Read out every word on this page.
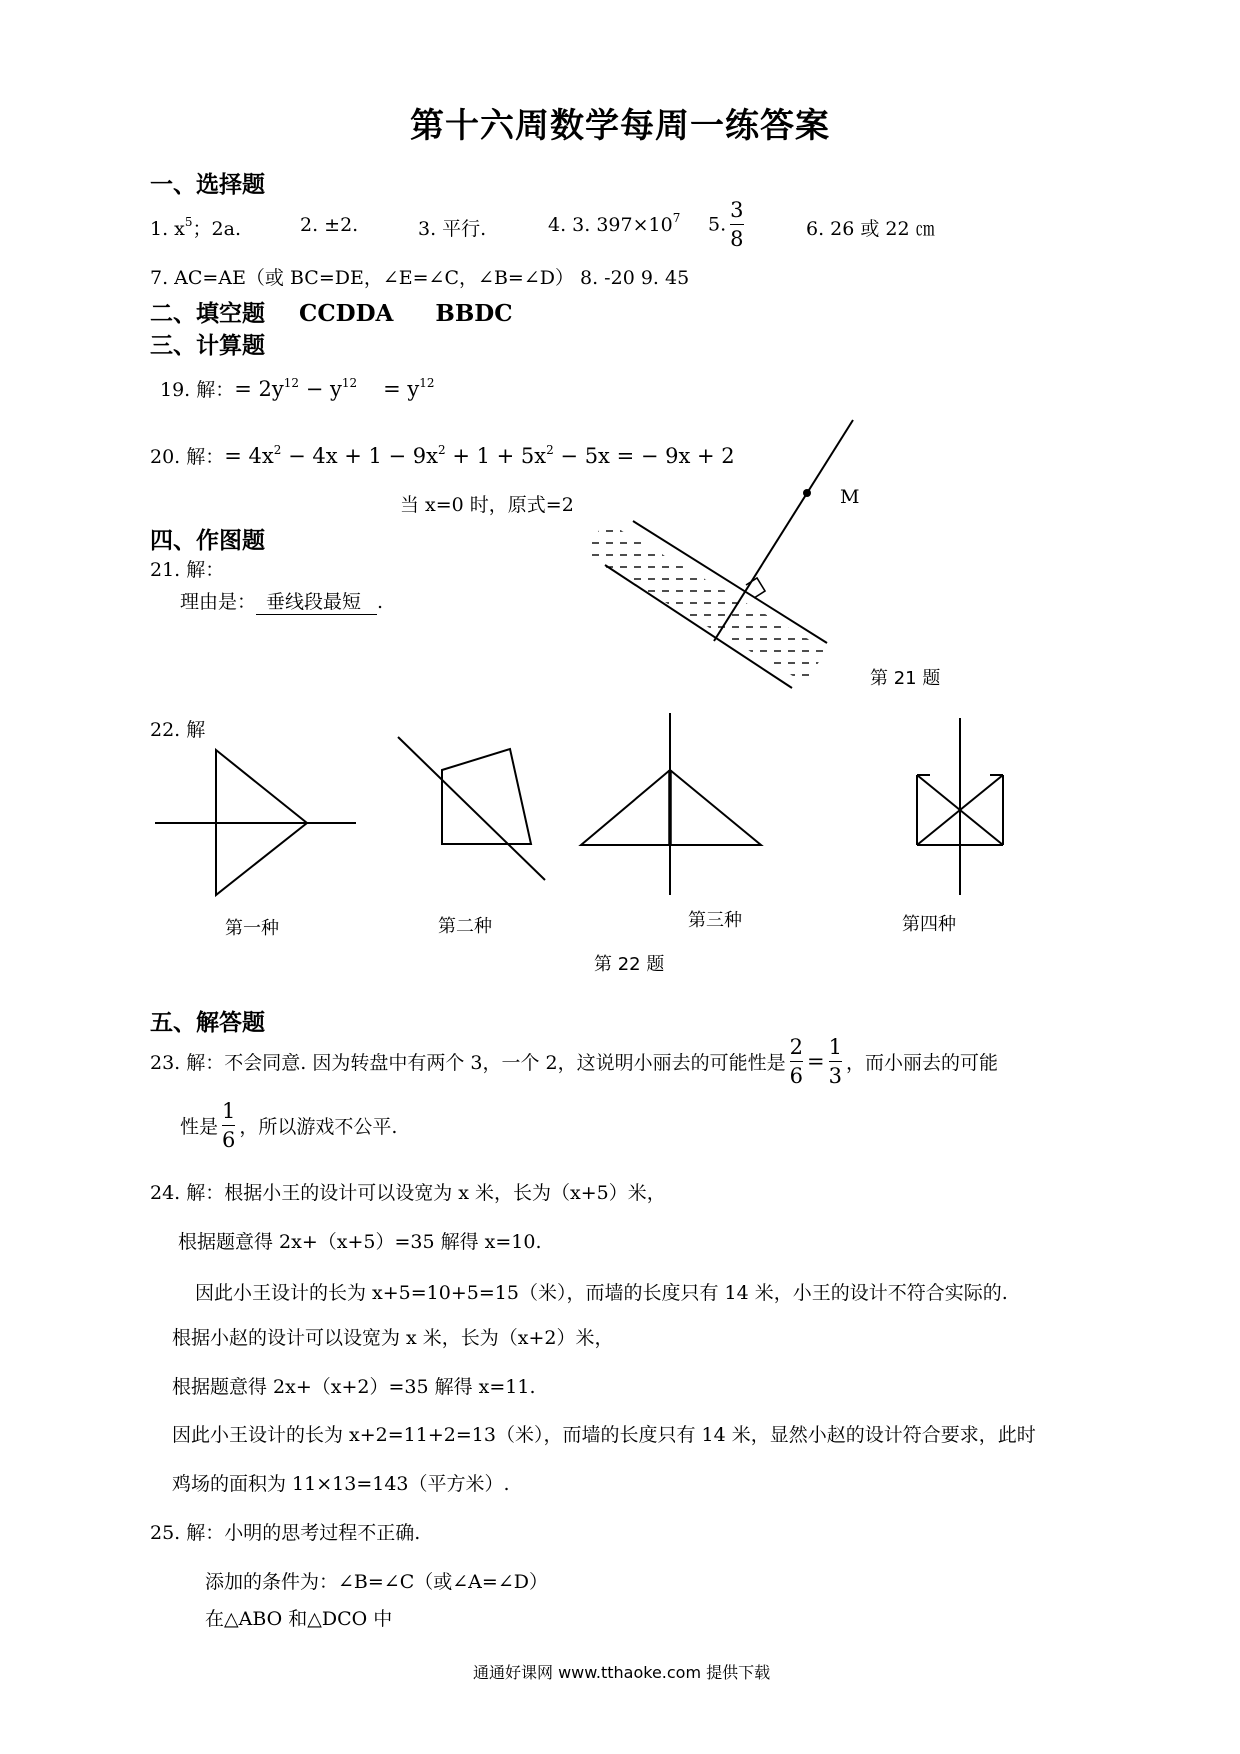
第十六周数学每周一练答案
一、选择题
1. $x^5$；2a.	2. ±2.	3. 平行.	4. 3. $397\times 10^7$ 5. $\frac{3}{8}$	6. 26 或 22 ㎝
7. AC=AE（或 BC=DE，∠E=∠C，∠B=∠D） 8. -20 9. 45
二、填空题 CCDDA BBDC
三、计算题
19. 解：= $2y^{12} - y^{12} = y^{12}$
20. 解：= $4x^2 - 4x + 1 - 9x^2 + 1 + 5x^2 - 5x$ = − 9x + 2
当 x=0 时，原式=2
四、作图题
21. 解：
理由是： 垂线段最短 .
M
第 21 题
22. 解
第一种	第二种	第三种	第四种
第 22 题
五、解答题
23. 解：不会同意. 因为转盘中有两个 3，一个 2，这说明小丽去的可能性是 $\frac{2}{6} = \frac{1}{3}$ ，而小丽去的可能
性是 $\frac{1}{6}$ ，所以游戏不公平.
24. 解：根据小王的设计可以设宽为 x 米，长为（x+5）米，
根据题意得 2x+（x+5）=35 解得 x=10.
因此小王设计的长为 x+5=10+5=15（米），而墙的长度只有 14 米，小王的设计不符合实际的.
根据小赵的设计可以设宽为 x 米，长为（x+2）米，
根据题意得 2x+（x+2）=35 解得 x=11.
因此小王设计的长为 x+2=11+2=13（米），而墙的长度只有 14 米，显然小赵的设计符合要求，此时
鸡场的面积为 11×13=143（平方米）.
25. 解：小明的思考过程不正确.
添加的条件为：∠B=∠C（或∠A=∠D）
在△ABO 和△DCO 中
通通好课网 www.tthaoke.com 提供下载
